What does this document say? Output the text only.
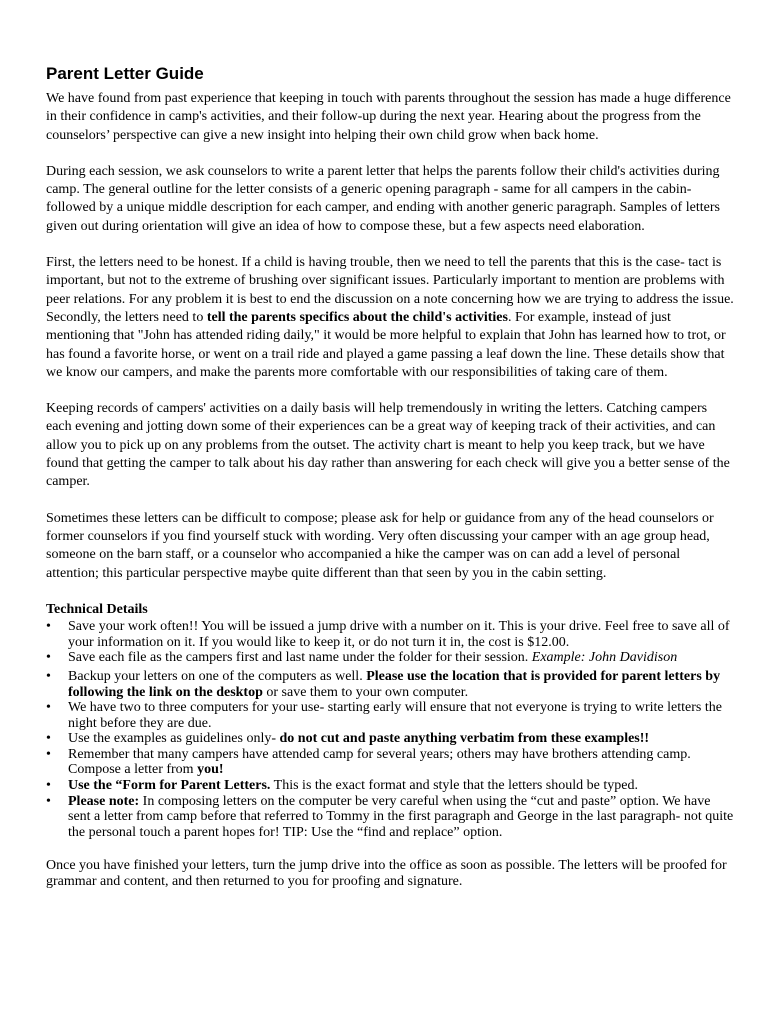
Parent Letter Guide

We have found from past experience that keeping in touch with parents throughout the session has made a huge difference in their confidence in camp's activities, and their follow-up during the next year. Hearing about the progress from the counselors’ perspective can give a new insight into helping their own child grow when back home.

During each session, we ask counselors to write a parent letter that helps the parents follow their child's activities during camp. The general outline for the letter consists of a generic opening paragraph - same for all campers in the cabin- followed by a unique middle description for each camper, and ending with another generic paragraph. Samples of letters given out during orientation will give an idea of how to compose these, but a few aspects need elaboration.

First, the letters need to be honest. If a child is having trouble, then we need to tell the parents that this is the case- tact is important, but not to the extreme of brushing over significant issues. Particularly important to mention are problems with peer relations. For any problem it is best to end the discussion on a note concerning how we are trying to address the issue. Secondly, the letters need to tell the parents specifics about the child's activities. For example, instead of just mentioning that "John has attended riding daily," it would be more helpful to explain that John has learned how to trot, or has found a favorite horse, or went on a trail ride and played a game passing a leaf down the line. These details show that we know our campers, and make the parents more comfortable with our responsibilities of taking care of them.

Keeping records of campers' activities on a daily basis will help tremendously in writing the letters. Catching campers each evening and jotting down some of their experiences can be a great way of keeping track of their activities, and can allow you to pick up on any problems from the outset. The activity chart is meant to help you keep track, but we have found that getting the camper to talk about his day rather than answering for each check will give you a better sense of the camper.

Sometimes these letters can be difficult to compose; please ask for help or guidance from any of the head counselors or former counselors if you find yourself stuck with wording. Very often discussing your camper with an age group head, someone on the barn staff, or a counselor who accompanied a hike the camper was on can add a level of personal attention; this particular perspective maybe quite different than that seen by you in the cabin setting.

Technical Details
• Save your work often!! You will be issued a jump drive with a number on it. This is your drive. Feel free to save all of your information on it. If you would like to keep it, or do not turn it in, the cost is $12.00.
• Save each file as the campers first and last name under the folder for their session. Example: John Davidison
• Backup your letters on one of the computers as well. Please use the location that is provided for parent letters by following the link on the desktop or save them to your own computer.
• We have two to three computers for your use- starting early will ensure that not everyone is trying to write letters the night before they are due.
• Use the examples as guidelines only- do not cut and paste anything verbatim from these examples!!
• Remember that many campers have attended camp for several years; others may have brothers attending camp. Compose a letter from you!
• Use the “Form for Parent Letters. This is the exact format and style that the letters should be typed.
• Please note: In composing letters on the computer be very careful when using the “cut and paste” option. We have sent a letter from camp before that referred to Tommy in the first paragraph and George in the last paragraph- not quite the personal touch a parent hopes for! TIP: Use the “find and replace” option.

Once you have finished your letters, turn the jump drive into the office as soon as possible. The letters will be proofed for grammar and content, and then returned to you for proofing and signature.
